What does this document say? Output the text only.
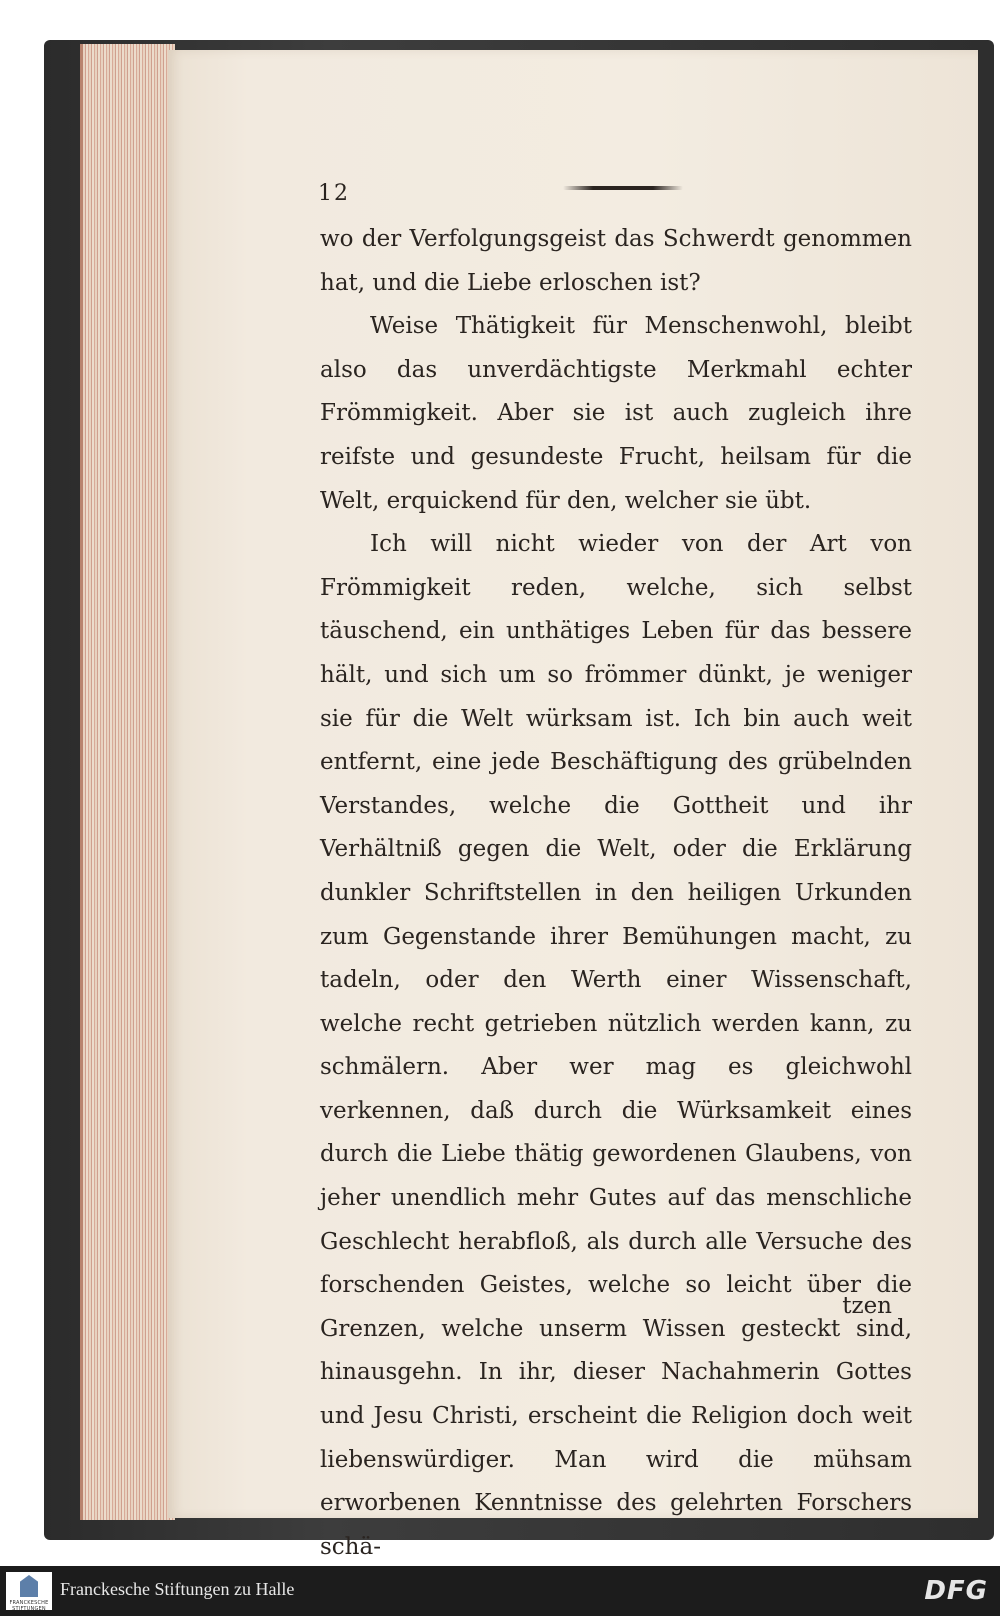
12

wo der Verfolgungsgeist das Schwerdt genommen hat, und die Liebe erloschen ist?

Weise Thätigkeit für Menschenwohl, bleibt also das unverdächtigste Merkmahl echter Frömmigkeit. Aber sie ist auch zugleich ihre reifste und gesundeste Frucht, heilsam für die Welt, erquickend für den, welcher sie übt.

Ich will nicht wieder von der Art von Frömmigkeit reden, welche, sich selbst täuschend, ein unthätiges Leben für das bessere hält, und sich um so frömmer dünkt, je weniger sie für die Welt würksam ist. Ich bin auch weit entfernt, eine jede Beschäftigung des grübelnden Verstandes, welche die Gottheit und ihr Verhältniß gegen die Welt, oder die Erklärung dunkler Schriftstellen in den heiligen Urkunden zum Gegenstande ihrer Bemühungen macht, zu tadeln, oder den Werth einer Wissenschaft, welche recht getrieben nützlich werden kann, zu schmälern. Aber wer mag es gleichwohl verkennen, daß durch die Würksamkeit eines durch die Liebe thätig gewordenen Glaubens, von jeher unendlich mehr Gutes auf das menschliche Geschlecht herabfloß, als durch alle Versuche des forschenden Geistes, welche so leicht über die Grenzen, welche unserm Wissen gesteckt sind, hinausgehn. In ihr, dieser Nachahmerin Gottes und Jesu Christi, erscheint die Religion doch weit liebenswürdiger. Man wird die mühsam erworbenen Kenntnisse des gelehrten Forschers schä-

tzen
FRANCKESCHE STIFTUNGEN
Franckesche Stiftungen zu Halle	DFG
